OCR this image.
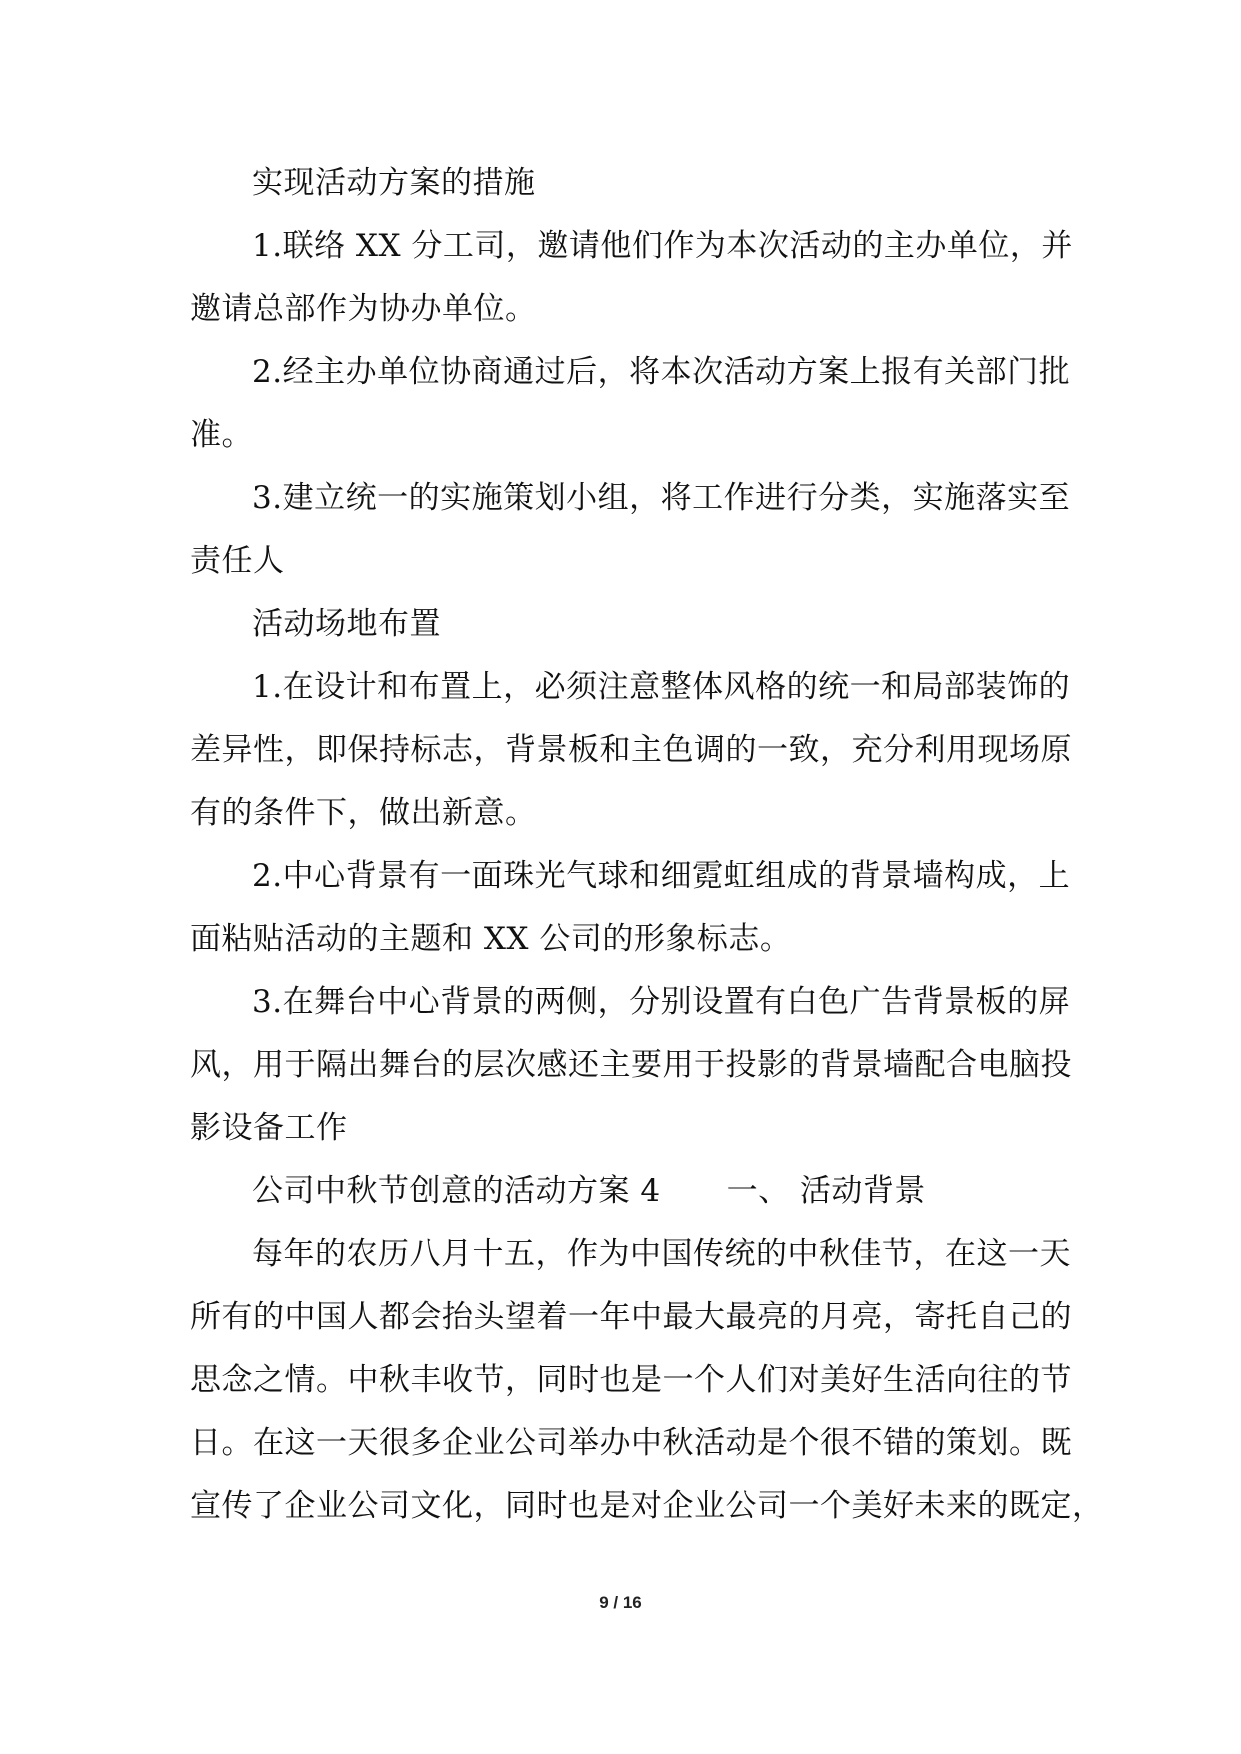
实现活动方案的措施
1.联络 XX 分工司，邀请他们作为本次活动的主办单位，并
邀请总部作为协办单位。
2.经主办单位协商通过后，将本次活动方案上报有关部门批
准。
3.建立统一的实施策划小组，将工作进行分类，实施落实至
责任人
活动场地布置
1.在设计和布置上，必须注意整体风格的统一和局部装饰的
差异性，即保持标志，背景板和主色调的一致，充分利用现场原
有的条件下，做出新意。
2.中心背景有一面珠光气球和细霓虹组成的背景墙构成，上
面粘贴活动的主题和 XX 公司的形象标志。
3.在舞台中心背景的两侧，分别设置有白色广告背景板的屏
风，用于隔出舞台的层次感还主要用于投影的背景墙配合电脑投
影设备工作
公司中秋节创意的活动方案 4 一、 活动背景
每年的农历八月十五，作为中国传统的中秋佳节，在这一天
所有的中国人都会抬头望着一年中最大最亮的月亮，寄托自己的
思念之情。中秋丰收节，同时也是一个人们对美好生活向往的节
日。在这一天很多企业公司举办中秋活动是个很不错的策划。既
宣传了企业公司文化，同时也是对企业公司一个美好未来的既定，
9 / 16
